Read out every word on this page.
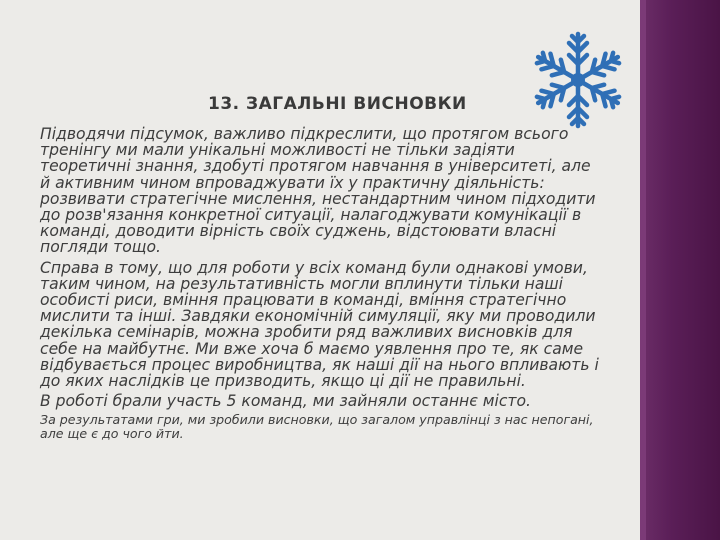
13. ЗАГАЛЬНІ ВИСНОВКИ

Підводячи підсумок, важливо підкреслити, що протягом всього тренінгу ми мали унікальні можливості не тільки задіяти теоретичні знання, здобуті протягом навчання в університеті, але й активним чином впроваджувати їх у практичну діяльність: розвивати стратегічне мислення, нестандартним чином підходити до розв'язання конкретної ситуації, налагоджувати комунікації в команді, доводити вірність своїх суджень, відстоювати власні погляди тощо.

Справа в тому, що для роботи у всіх команд були однакові умови, таким чином, на результативність могли вплинути тільки наші особисті риси, вміння працювати в команді, вміння стратегічно мислити та інші. Завдяки економічній симуляції, яку ми проводили декілька семінарів, можна зробити ряд важливих висновків для себе на майбутнє. Ми вже хоча б маємо уявлення про те, як саме відбувається процес виробництва, як наші дії на нього впливають і до яких наслідків це призводить, якщо ці дії не правильні.

В роботі брали участь 5 команд, ми зайняли останнє місто.

За результатами гри, ми зробили висновки, що загалом управлінці з нас непогані, але ще є до чого йти.
